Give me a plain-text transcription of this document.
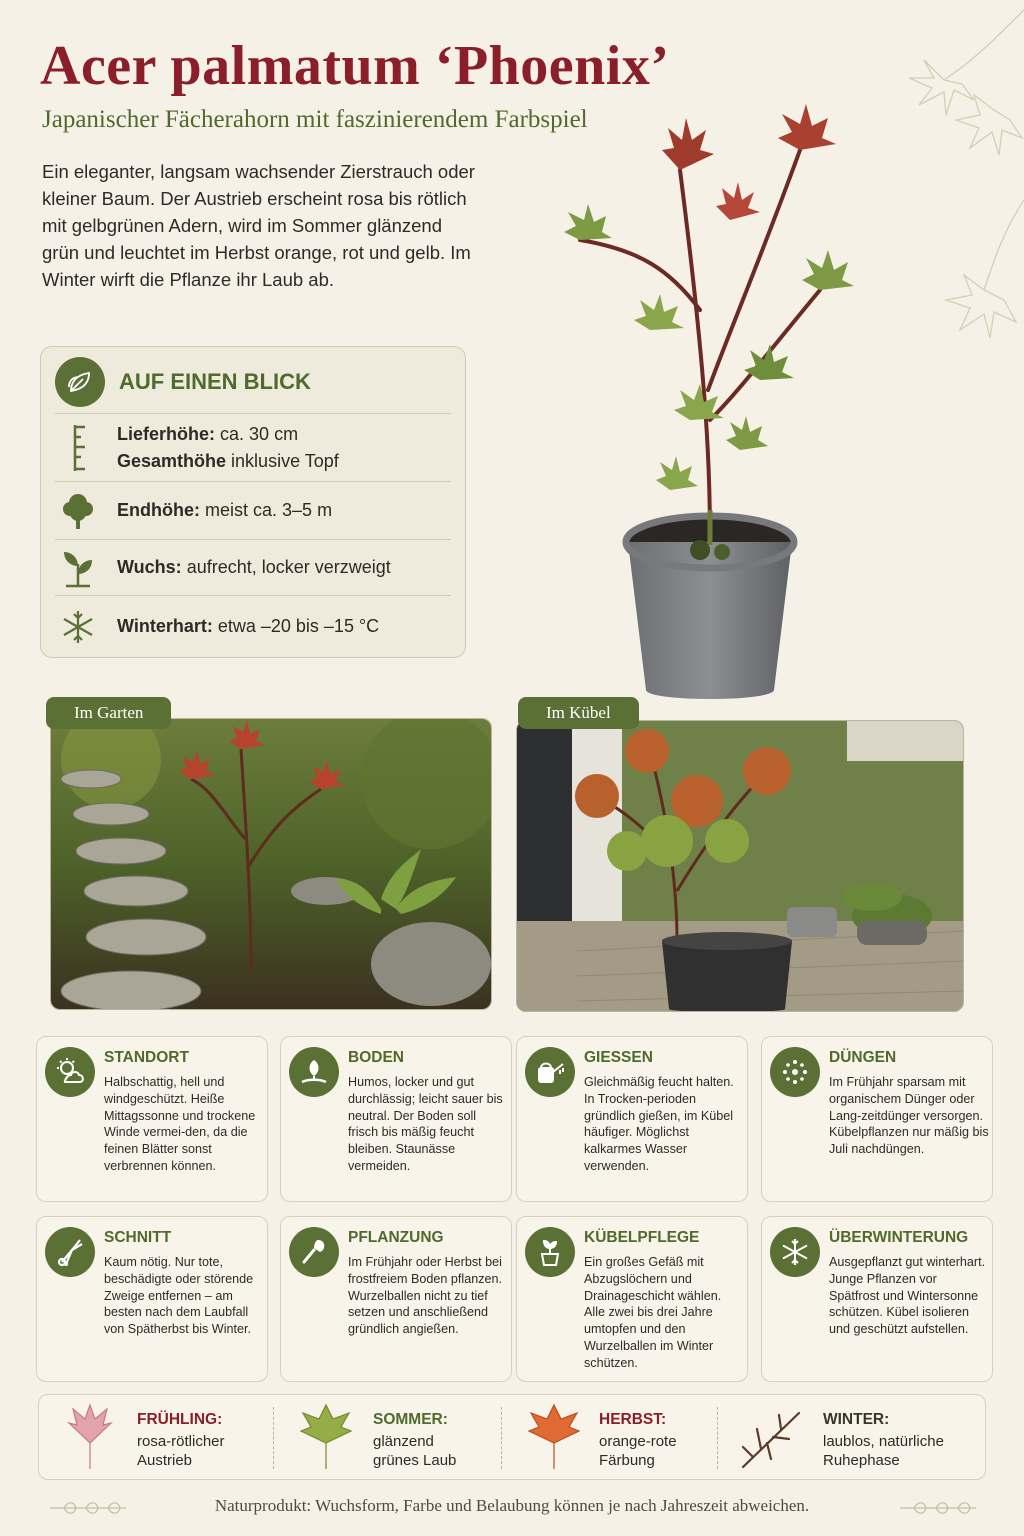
Acer palmatum ‘Phoenix’
Japanischer Fächerahorn mit faszinierendem Farbspiel
Ein eleganter, langsam wachsender Zierstrauch oder kleiner Baum. Der Austrieb erscheint rosa bis rötlich mit gelbgrünen Adern, wird im Sommer glänzend grün und leuchtet im Herbst orange, rot und gelb. Im Winter wirft die Pflanze ihr Laub ab.
AUF EINEN BLICK
Lieferhöhe: ca. 30 cm
Gesamthöhe inklusive Topf
Endhöhe: meist ca. 3–5 m
Wuchs: aufrecht, locker verzweigt
Winterhart: etwa –20 bis –15 °C
Im Garten	Im Kübel
STANDORT
Halbschattig, hell und windgeschützt. Heiße Mittagssonne und trockene Winde vermei-den, da die feinen Blätter sonst verbrennen können.
BODEN
Humos, locker und gut durchlässig; leicht sauer bis neutral. Der Boden soll frisch bis mäßig feucht bleiben. Staunässe vermeiden.
GIESSEN
Gleichmäßig feucht halten. In Trocken-perioden gründlich gießen, im Kübel häufiger. Möglichst kalkarmes Wasser verwenden.
DÜNGEN
Im Frühjahr sparsam mit organischem Dünger oder Lang-zeitdünger versorgen. Kübelpflanzen nur mäßig bis Juli nachdüngen.
SCHNITT
Kaum nötig. Nur tote, beschädigte oder störende Zweige entfernen – am besten nach dem Laubfall von Spätherbst bis Winter.
PFLANZUNG
Im Frühjahr oder Herbst bei frostfreiem Boden pflanzen. Wurzelballen nicht zu tief setzen und anschließend gründlich angießen.
KÜBELPFLEGE
Ein großes Gefäß mit Abzugslöchern und Drainageschicht wählen. Alle zwei bis drei Jahre umtopfen und den Wurzelballen im Winter schützen.
ÜBERWINTERUNG
Ausgepflanzt gut winterhart. Junge Pflanzen vor Spätfrost und Wintersonne schützen. Kübel isolieren und geschützt aufstellen.
FRÜHLING:
rosa-rötlicher
Austrieb
SOMMER:
glänzend
grünes Laub
HERBST:
orange-rote
Färbung
WINTER:
laublos, natürliche
Ruhephase
Naturprodukt: Wuchsform, Farbe und Belaubung können je nach Jahreszeit abweichen.
